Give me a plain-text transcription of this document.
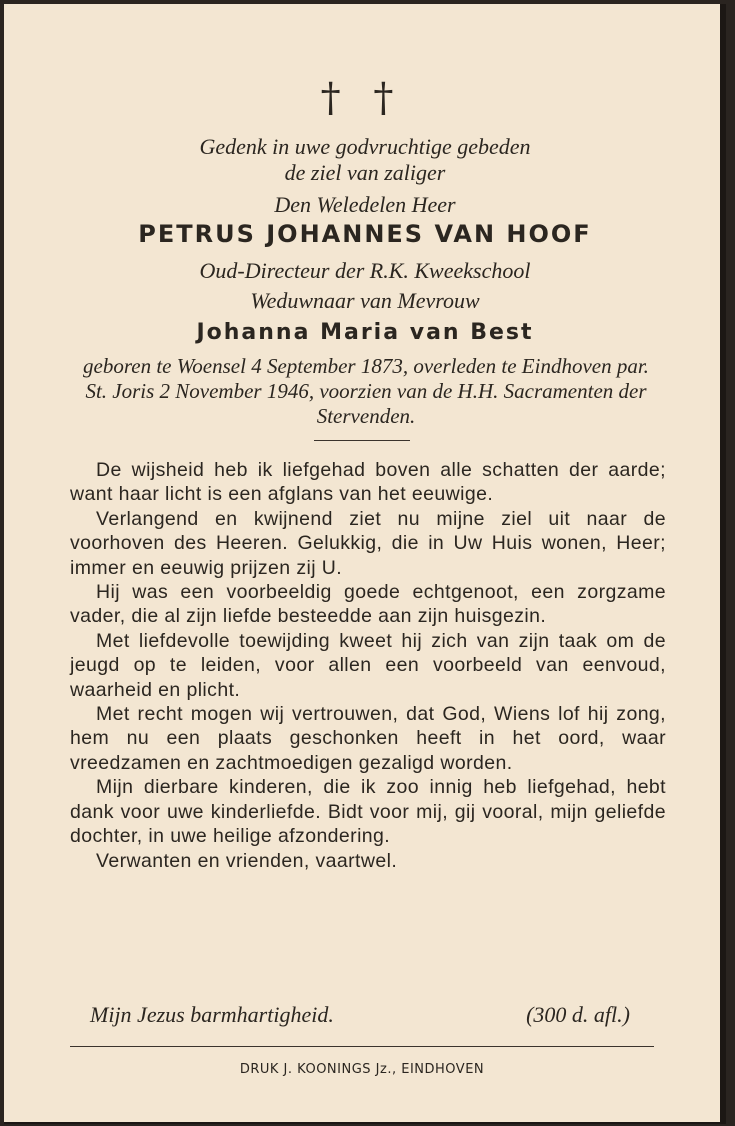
† †
Gedenk in uwe godvruchtige gebeden
de ziel van zaliger
Den Weledelen Heer
PETRUS JOHANNES VAN HOOF
Oud-Directeur der R.K. Kweekschool
Weduwnaar van Mevrouw
Johanna Maria van Best
geboren te Woensel 4 September 1873, overleden te Eindhoven par. St. Joris 2 November 1946, voorzien van de H.H. Sacramenten der Stervenden.

De wijsheid heb ik liefgehad boven alle schatten der aarde; want haar licht is een afglans van het eeuwige.

Verlangend en kwijnend ziet nu mijne ziel uit naar de voorhoven des Heeren. Gelukkig, die in Uw Huis wonen, Heer; immer en eeuwig prijzen zij U.

Hij was een voorbeeldig goede echtgenoot, een zorgzame vader, die al zijn liefde besteedde aan zijn huisgezin.

Met liefdevolle toewijding kweet hij zich van zijn taak om de jeugd op te leiden, voor allen een voorbeeld van eenvoud, waarheid en plicht.

Met recht mogen wij vertrouwen, dat God, Wiens lof hij zong, hem nu een plaats geschonken heeft in het oord, waar vreedzamen en zachtmoedigen gezaligd worden.

Mijn dierbare kinderen, die ik zoo innig heb liefgehad, hebt dank voor uwe kinderliefde. Bidt voor mij, gij vooral, mijn geliefde dochter, in uwe heilige afzondering.

Verwanten en vrienden, vaartwel.

Mijn Jezus barmhartigheid.	(300 d. afl.)
DRUK J. KOONINGS Jz., EINDHOVEN
